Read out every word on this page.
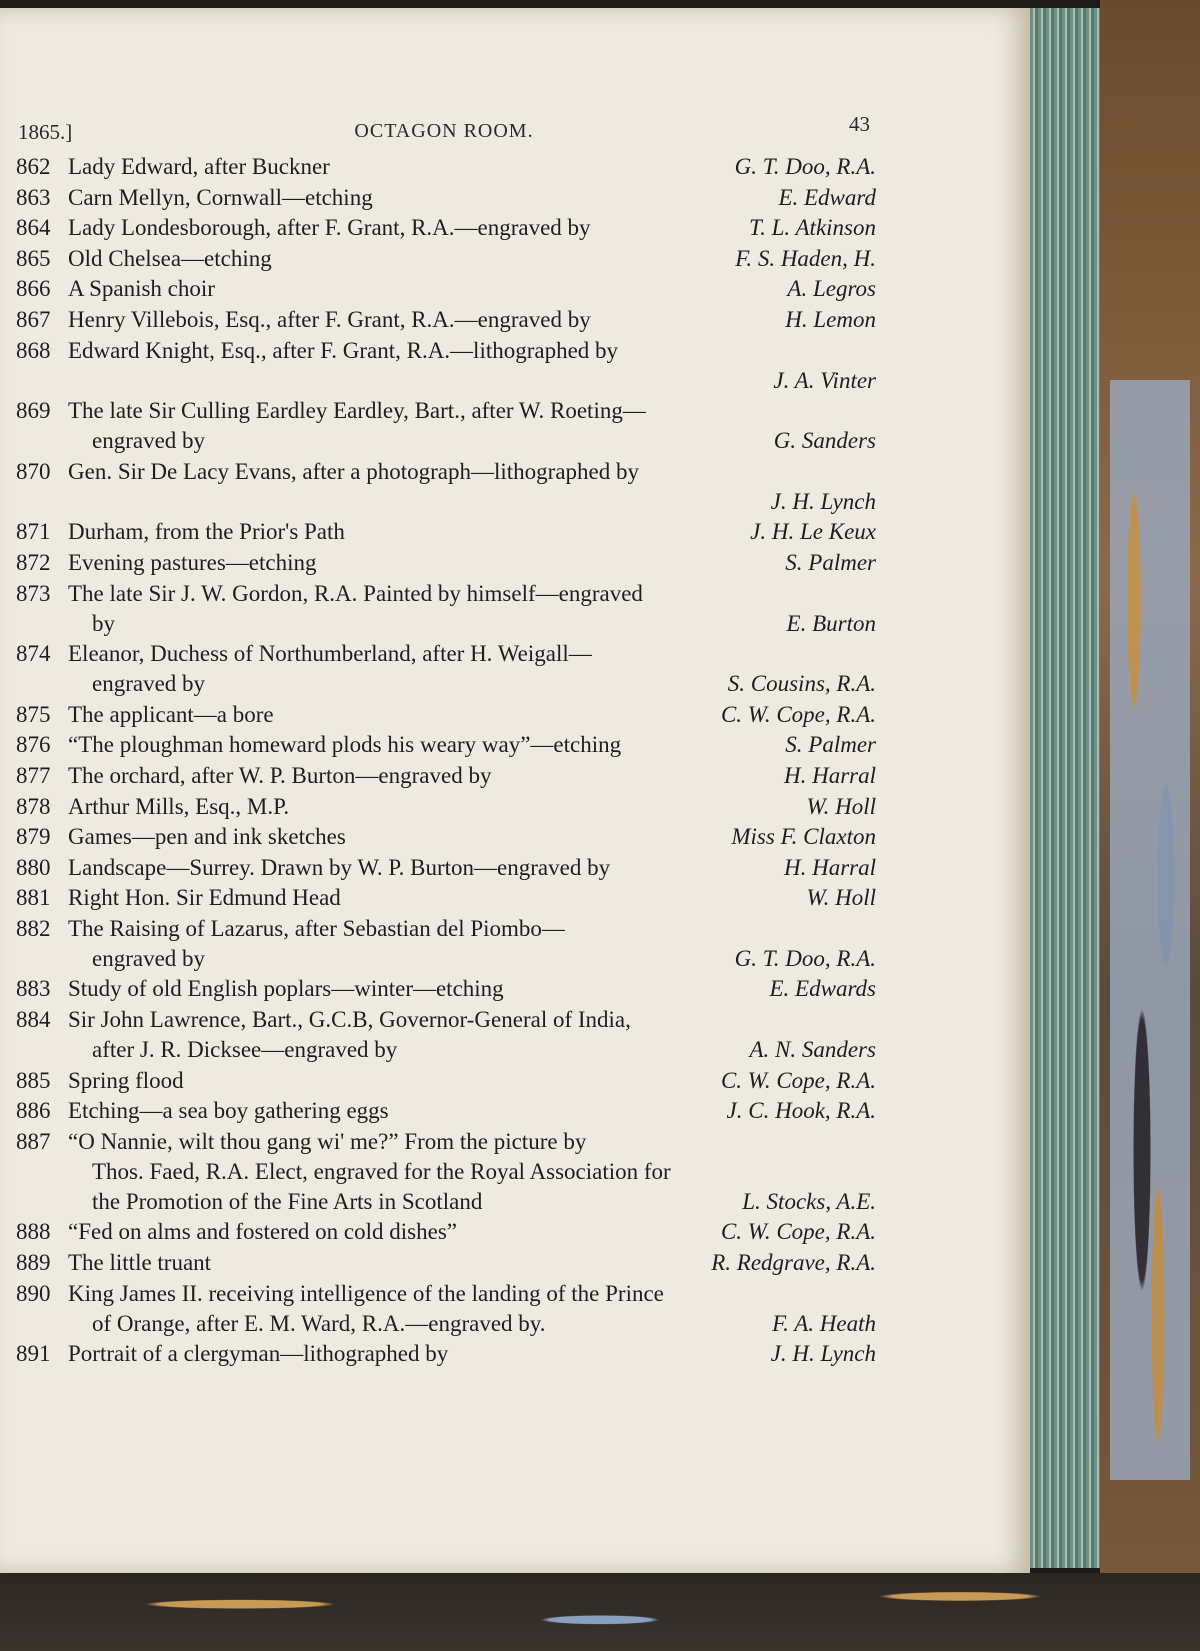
1865.]	OCTAGON ROOM.	43
862 Lady Edward, after Buckner	G. T. Doo, R.A.
863 Carn Mellyn, Cornwall—etching	E. Edward
864 Lady Londesborough, after F. Grant, R.A.—engraved by	T. L. Atkinson
865 Old Chelsea—etching	F. S. Haden, H.
866 A Spanish choir	A. Legros
867 Henry Villebois, Esq., after F. Grant, R.A.—engraved by	H. Lemon
868 Edward Knight, Esq., after F. Grant, R.A.—lithographed by
J. A. Vinter
869 The late Sir Culling Eardley Eardley, Bart., after W. Roeting—
engraved by	G. Sanders
870 Gen. Sir De Lacy Evans, after a photograph—lithographed by
J. H. Lynch
871 Durham, from the Prior's Path	J. H. Le Keux
872 Evening pastures—etching	S. Palmer
873 The late Sir J. W. Gordon, R.A. Painted by himself—engraved
by	E. Burton
874 Eleanor, Duchess of Northumberland, after H. Weigall—
engraved by	S. Cousins, R.A.
875 The applicant—a bore	C. W. Cope, R.A.
876 “The ploughman homeward plods his weary way”—etching	S. Palmer
877 The orchard, after W. P. Burton—engraved by	H. Harral
878 Arthur Mills, Esq., M.P.	W. Holl
879 Games—pen and ink sketches	Miss F. Claxton
880 Landscape—Surrey. Drawn by W. P. Burton—engraved by	H. Harral
881 Right Hon. Sir Edmund Head	W. Holl
882 The Raising of Lazarus, after Sebastian del Piombo—
engraved by	G. T. Doo, R.A.
883 Study of old English poplars—winter—etching	E. Edwards
884 Sir John Lawrence, Bart., G.C.B, Governor-General of India,
after J. R. Dicksee—engraved by	A. N. Sanders
885 Spring flood	C. W. Cope, R.A.
886 Etching—a sea boy gathering eggs	J. C. Hook, R.A.
887 “O Nannie, wilt thou gang wi' me?” From the picture by
Thos. Faed, R.A. Elect, engraved for the Royal Association for
the Promotion of the Fine Arts in Scotland	L. Stocks, A.E.
888 “Fed on alms and fostered on cold dishes”	C. W. Cope, R.A.
889 The little truant	R. Redgrave, R.A.
890 King James II. receiving intelligence of the landing of the Prince
of Orange, after E. M. Ward, R.A.—engraved by.	F. A. Heath
891 Portrait of a clergyman—lithographed by	J. H. Lynch
